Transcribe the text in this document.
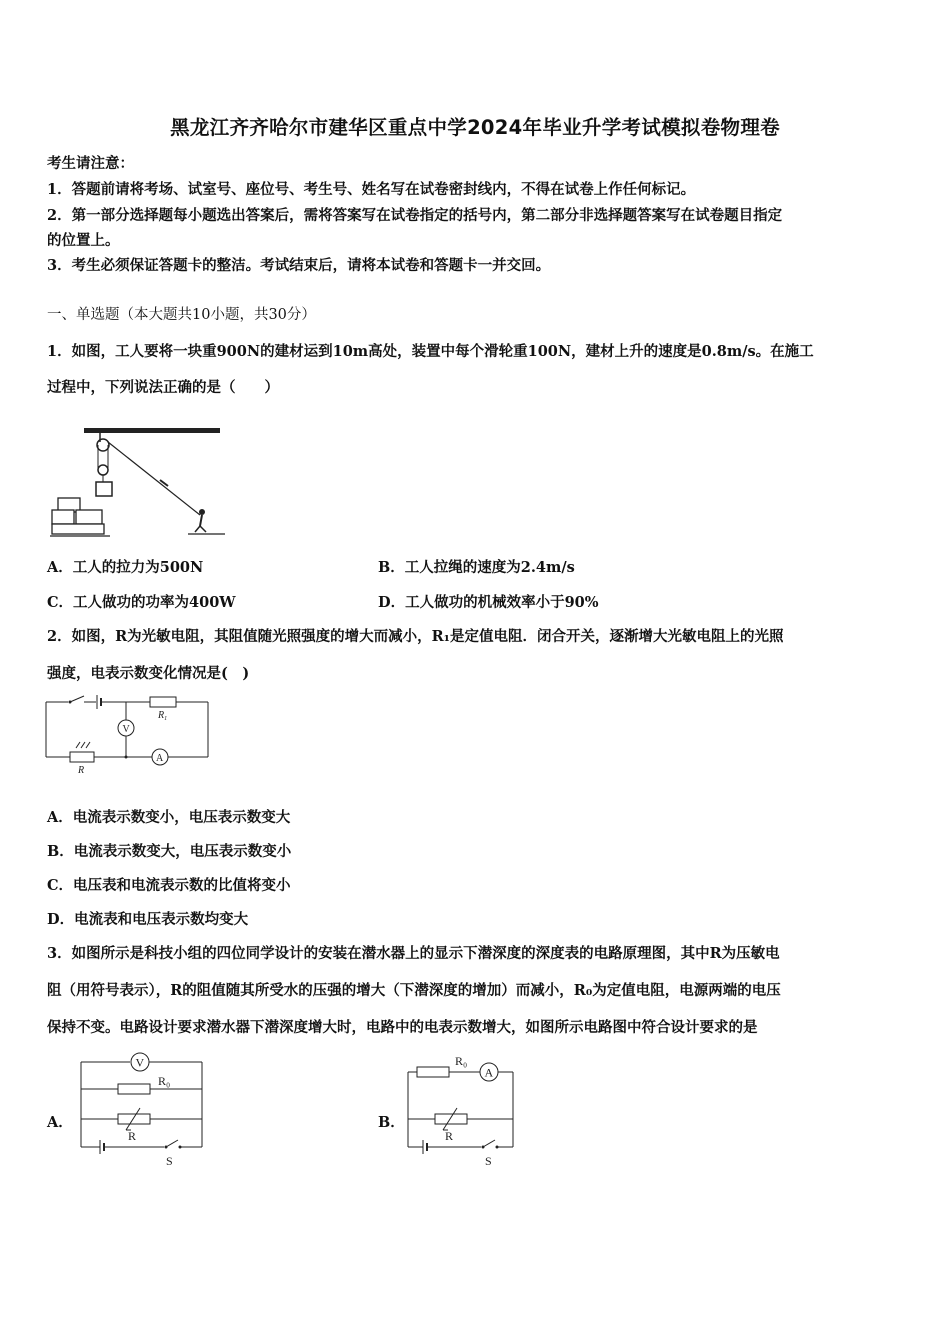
黑龙江齐齐哈尔市建华区重点中学2024年毕业升学考试模拟卷物理卷
考生请注意：
1．答题前请将考场、试室号、座位号、考生号、姓名写在试卷密封线内，不得在试卷上作任何标记。
2．第一部分选择题每小题选出答案后，需将答案写在试卷指定的括号内，第二部分非选择题答案写在试卷题目指定
的位置上。
3．考生必须保证答题卡的整洁。考试结束后，请将本试卷和答题卡一并交回。
一、单选题（本大题共10小题，共30分）
1．如图，工人要将一块重900N的建材运到10m高处，装置中每个滑轮重100N，建材上升的速度是0.8m/s。在施工
过程中，下列说法正确的是（　　）
A．工人的拉力为500N	B．工人拉绳的速度为2.4m/s
C．工人做功的功率为400W	D．工人做功的机械效率小于90%
2．如图，R为光敏电阻，其阻值随光照强度的增大而减小，R₁是定值电阻．闭合开关，逐渐增大光敏电阻上的光照
强度，电表示数变化情况是(　)
$R_1$
V
A
R
A．电流表示数变小，电压表示数变大
B．电流表示数变大，电压表示数变小
C．电压表和电流表示数的比值将变小
D．电流表和电压表示数均变大
3．如图所示是科技小组的四位同学设计的安装在潜水器上的显示下潜深度的深度表的电路原理图，其中R为压敏电
阻（用符号表示），R的阻值随其所受水的压强的增大（下潜深度的增加）而减小，R₀为定值电阻，电源两端的电压
保持不变。电路设计要求潜水器下潜深度增大时，电路中的电表示数增大，如图所示电路图中符合设计要求的是
A．
V
R₀
R
S
B．
R₀
A
R
S
